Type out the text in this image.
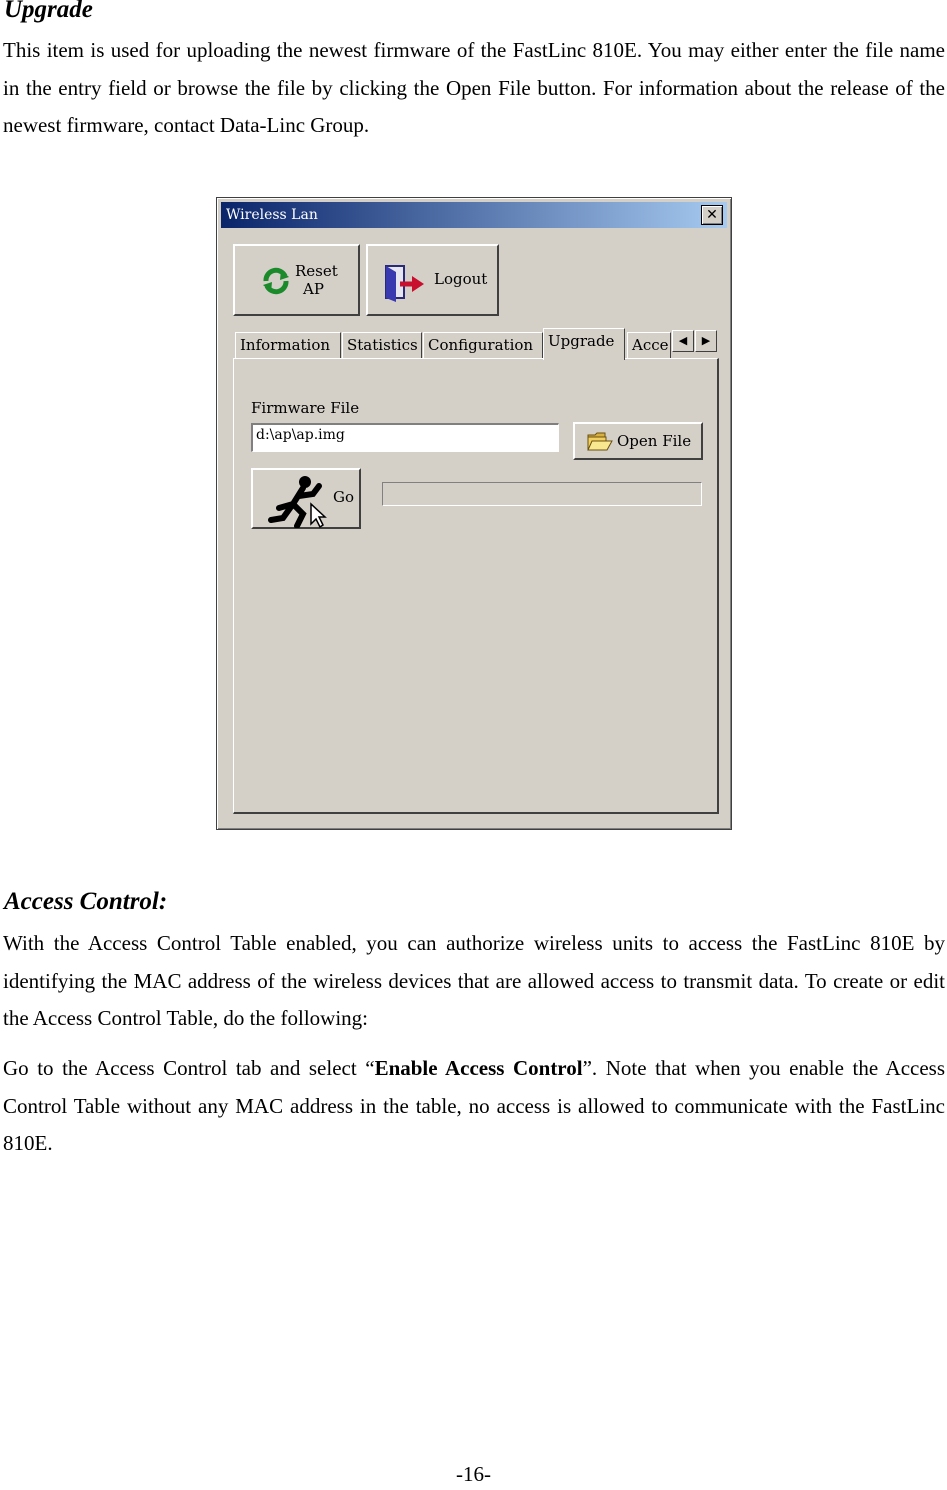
Upgrade

This item is used for uploading the newest firmware of the FastLinc 810E. You may either enter the file name in the entry field or browse the file by clicking the Open File button. For information about the release of the newest firmware, contact Data-Linc Group.

Wireless Lan	✕
Reset
AP
Logout
Information	Statistics Configuration Upgrade	Acce ◀	▶
Firmware File
d:\ap\ap.img	Open File
Go
Access Control:

With the Access Control Table enabled, you can authorize wireless units to access the FastLinc 810E by identifying the MAC address of the wireless devices that are allowed access to transmit data. To create or edit the Access Control Table, do the following:

Go to the Access Control tab and select “Enable Access Control”. Note that when you enable the Access Control Table without any MAC address in the table, no access is allowed to communicate with the FastLinc 810E.

-16-
